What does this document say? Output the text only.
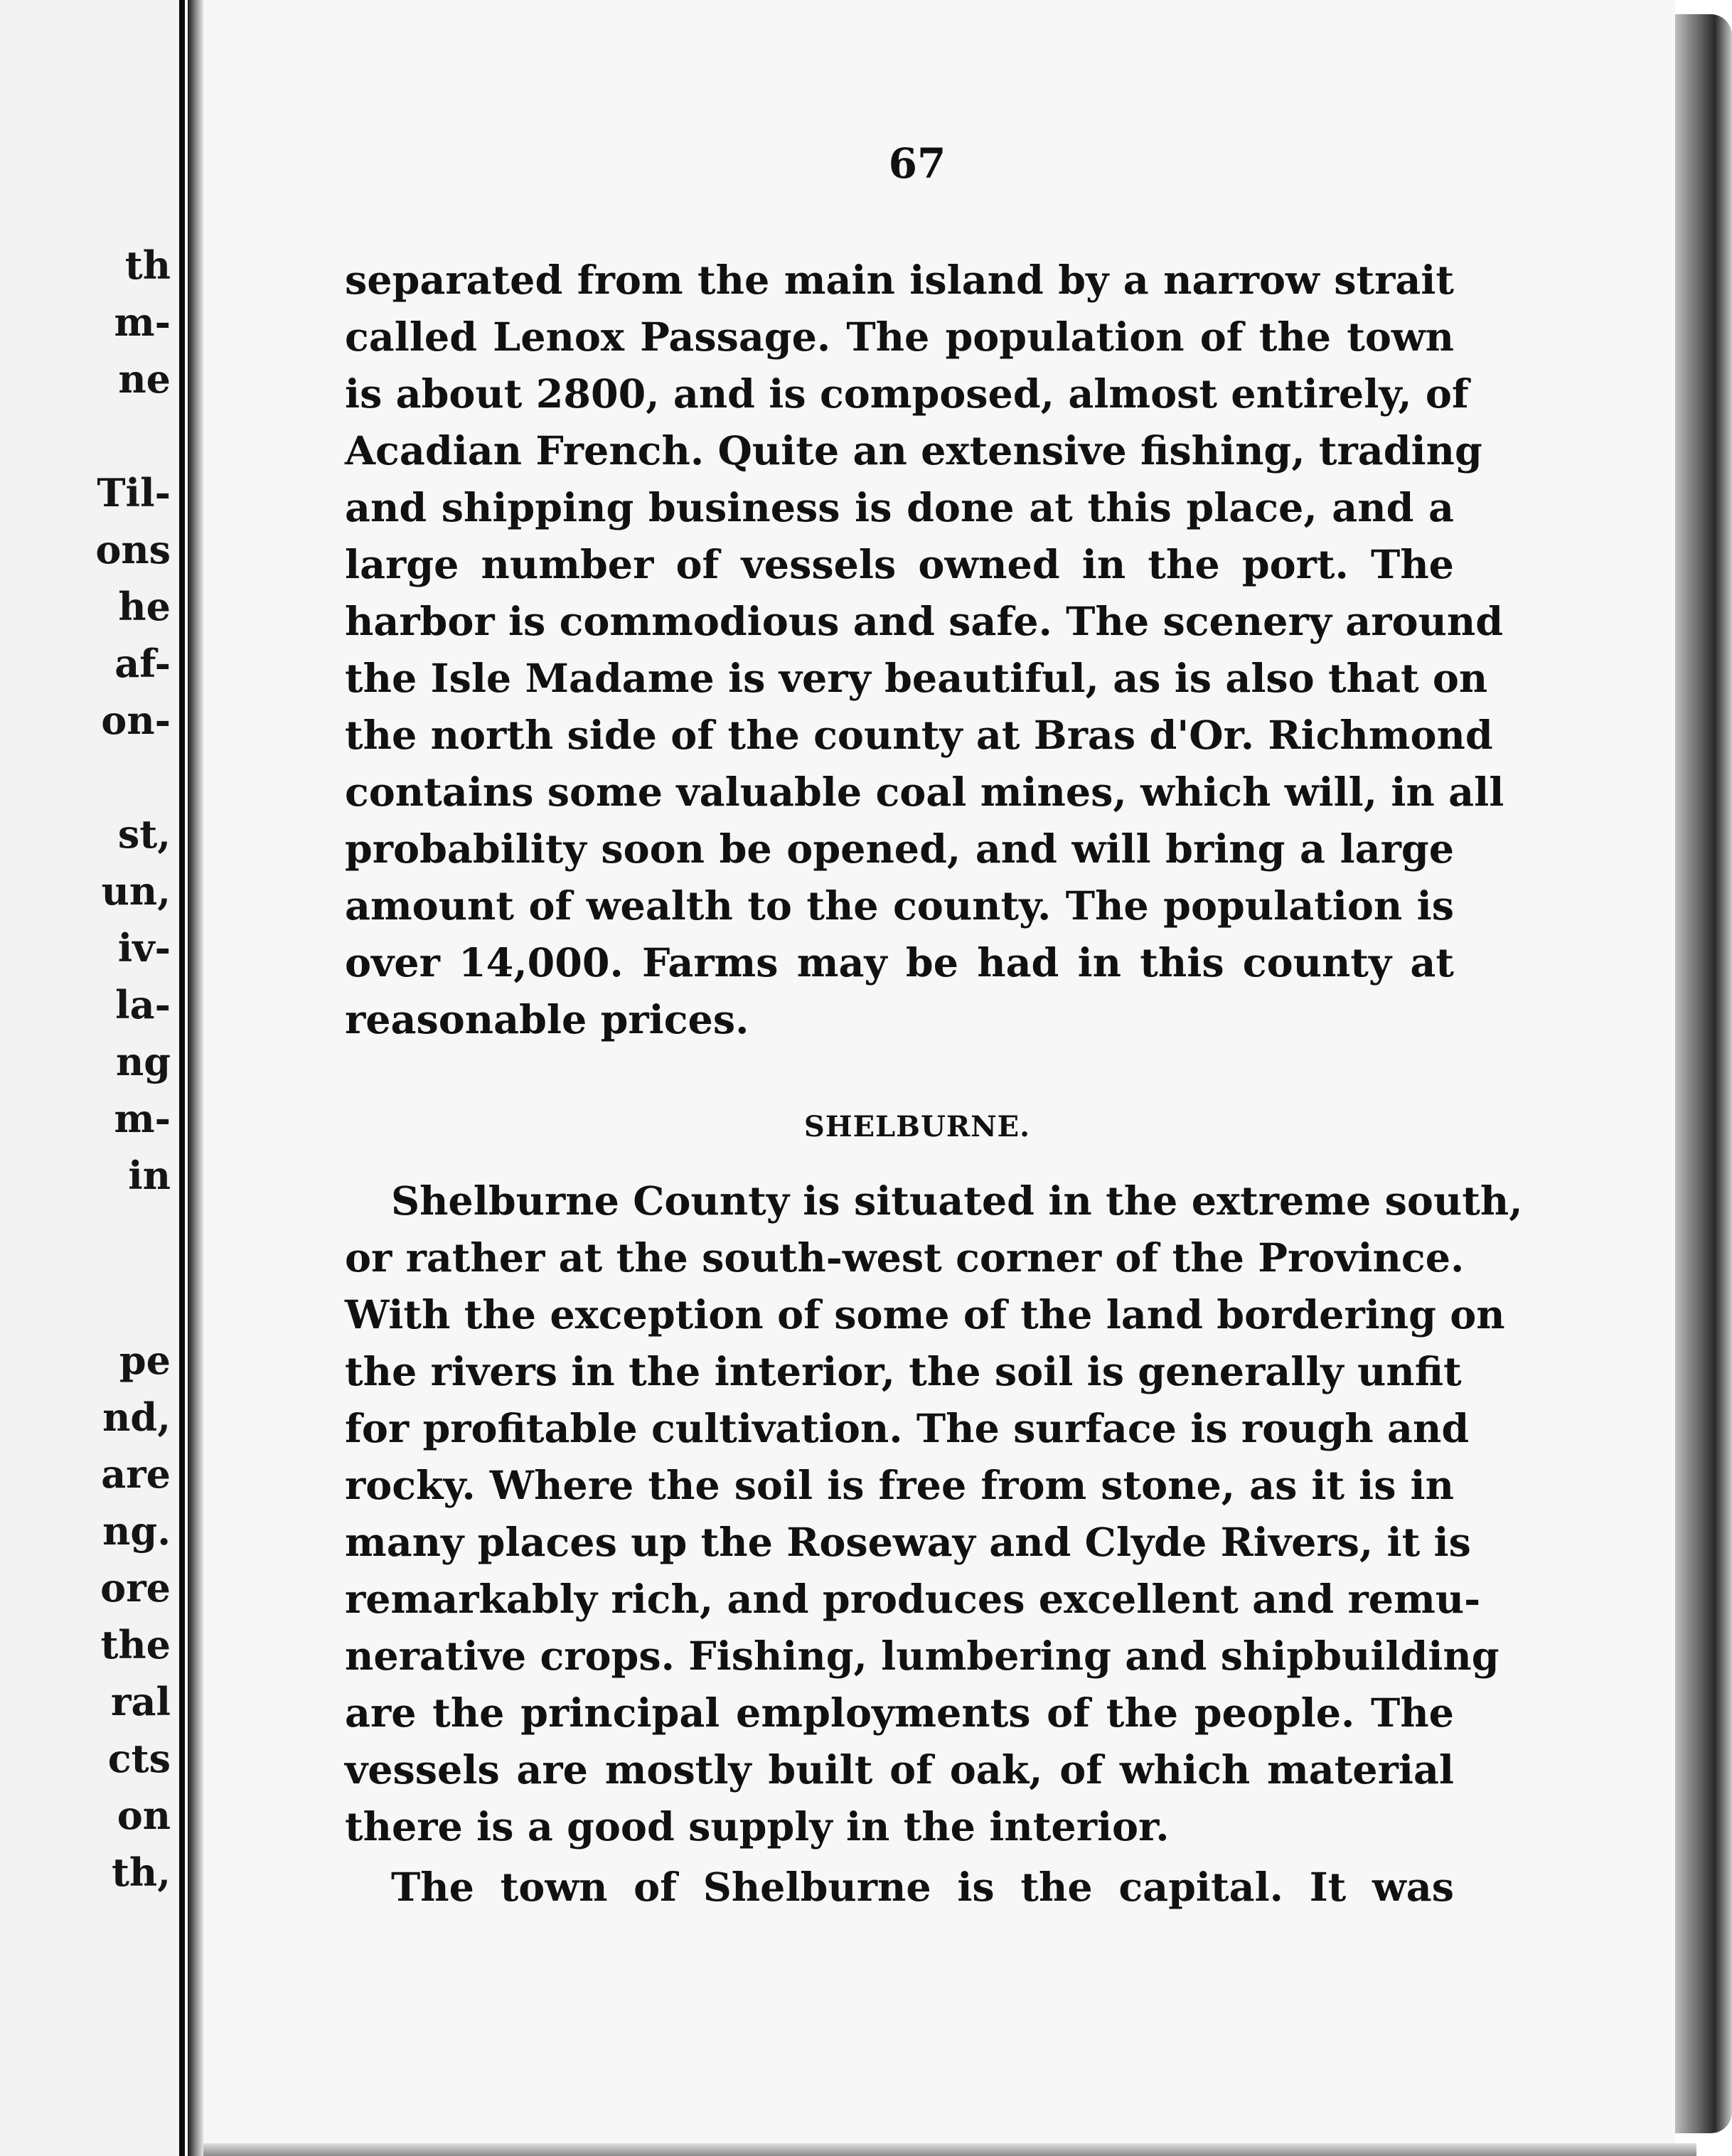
th
m-
ne
Til-
ons
he
af-
on-
st,
un,
iv-
la-
ng
m-
in
pe
nd,
are
ng.
ore
the
ral
cts
on
th,
67
separated from the main island by a narrow strait
called Lenox Passage. The population of the town
is about 2800, and is composed, almost entirely, of
Acadian French. Quite an extensive fishing, trading
and shipping business is done at this place, and a
large number of vessels owned in the port. The
harbor is commodious and safe. The scenery around
the Isle Madame is very beautiful, as is also that on
the north side of the county at Bras d'Or. Richmond
contains some valuable coal mines, which will, in all
probability soon be opened, and will bring a large
amount of wealth to the county. The population is
over 14,000. Farms may be had in this county at
reasonable prices.
SHELBURNE.
Shelburne County is situated in the extreme south,
or rather at the south-west corner of the Province.
With the exception of some of the land bordering on
the rivers in the interior, the soil is generally unfit
for profitable cultivation. The surface is rough and
rocky. Where the soil is free from stone, as it is in
many places up the Roseway and Clyde Rivers, it is
remarkably rich, and produces excellent and remu-
nerative crops. Fishing, lumbering and shipbuilding
are the principal employments of the people. The
vessels are mostly built of oak, of which material
there is a good supply in the interior.
The town of Shelburne is the capital. It was
